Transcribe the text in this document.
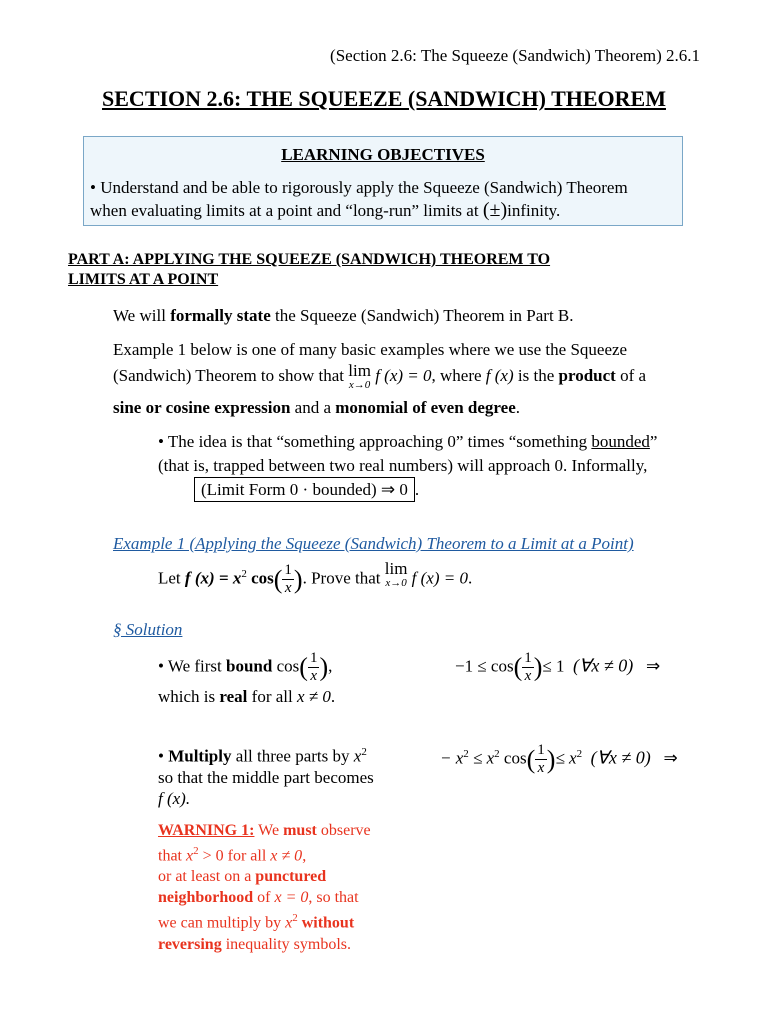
(Section 2.6: The Squeeze (Sandwich) Theorem) 2.6.1
SECTION 2.6: THE SQUEEZE (SANDWICH) THEOREM
LEARNING OBJECTIVES
• Understand and be able to rigorously apply the Squeeze (Sandwich) Theorem
when evaluating limits at a point and “long-run” limits at (±)infinity.
PART A: APPLYING THE SQUEEZE (SANDWICH) THEOREM TO
LIMITS AT A POINT
We will formally state the Squeeze (Sandwich) Theorem in Part B.
Example 1 below is one of many basic examples where we use the Squeeze
(Sandwich) Theorem to show that lim
x→0 f (x) = 0, where f (x) is the product of a
sine or cosine expression and a monomial of even degree.
• The idea is that “something approaching 0” times “something bounded”
(that is, trapped between two real numbers) will approach 0. Informally,
(Limit Form 0 · bounded) ⇒ 0 .
Example 1 (Applying the Squeeze (Sandwich) Theorem to a Limit at a Point)
Let f $(x) = x^2$ $\cos( \frac{1}{x}$ ). Prove that lim
x→0 f (x) = 0.
§ Solution
• We first bound $\cos( \frac{1}{x}$ ),
which is real for all x ≠ 0.
$-1 \le \cos( \frac{1}{x}$ )≤ 1 (∀x ≠ 0) ⇒
• Multiply all three parts by $x^2$
so that the middle part becomes
f (x).
− $x^2 \le x^2$ $\cos( \frac{1}{x}$ )≤ $x^2$ (∀x ≠ 0) ⇒
WARNING 1: We must observe
that $x^2 > 0$ for all x ≠ 0,
or at least on a punctured
neighborhood of x = 0, so that
we can multiply by $x^2$ without
reversing inequality symbols.
